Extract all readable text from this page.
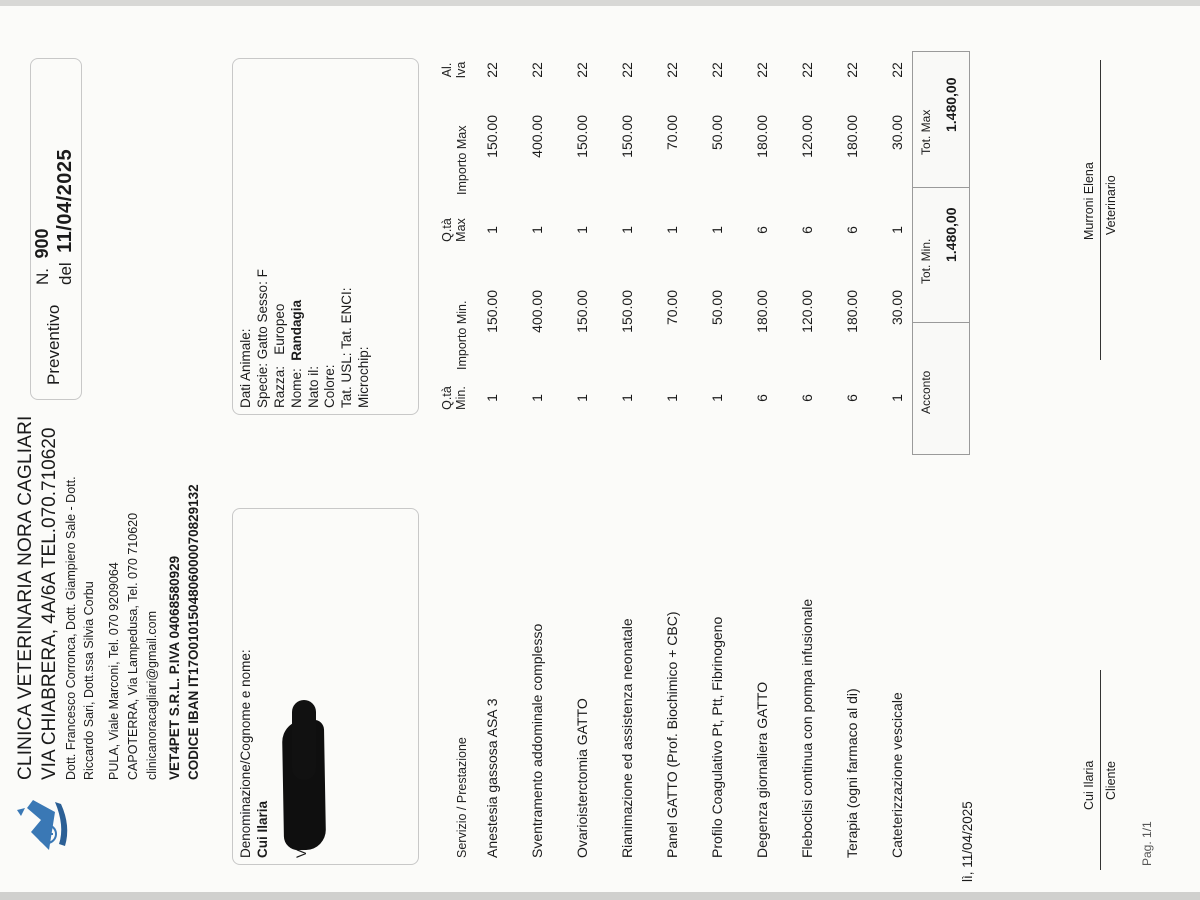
CLINICA VETERINARIA NORA CAGLIARI VIA CHIABRERA, 4A/6A TEL.070.710620 Dott. Francesco Corronca, Dott. Giampiero Sale - Dott. Riccardo Sari, Dott.ssa Silvia Corbu PULA, Viale Marconi, Tel. 070 9209064 CAPOTERRA, Via Lampedusa, Tel. 070 710620 clinicanoracagliari@gmail.com VET4PET S.R.L. P.IVA 04068580929 CODICE IBAN IT17O0101504806000070829132
Preventivo
N.  900
del  11/04/2025
Denominazione/Cognome e nome: Cui Ilaria
Dati Animale: Specie: Gatto Sesso: F Razza:   Europeo
Nome:  Randagia
Nato il: Colore: Tat. USL: Tat. ENCI: Microchip:
Servizio / Prestazione
Q.tà Min.
Importo Min.
Q.tà Max
Importo Max
Al. Iva
Anestesia gassosa ASA 3
1
150.00
1
150.00
22
Sventramento addominale complesso
1
400.00
1
400.00
22
Ovarioisterctomia GATTO
1
150.00
1
150.00
22
Rianimazione ed assistenza neonatale
1
150.00
1
150.00
22
Panel GATTO (Prof. Biochimico + CBC)
1
70.00
1
70.00
22
Profilo Coagulativo Pt, Ptt, Fibrinogeno
1
50.00
1
50.00
22
Degenza giornaliera GATTO
6
180.00
6
180.00
22
Fleboclisi continua con pompa infusionale
6
120.00
6
120.00
22
Terapia (ogni farmaco al di)
6
180.00
6
180.00
22
Cateterizzazione vescicale
1
30.00
1
30.00
22
Acconto
Tot. Min. 1.480,00
Tot. Max
1.480,00
lì, 11/04/2025
Cui Ilaria Cliente
Murroni Elena Veterinario
Pag. 1/1
